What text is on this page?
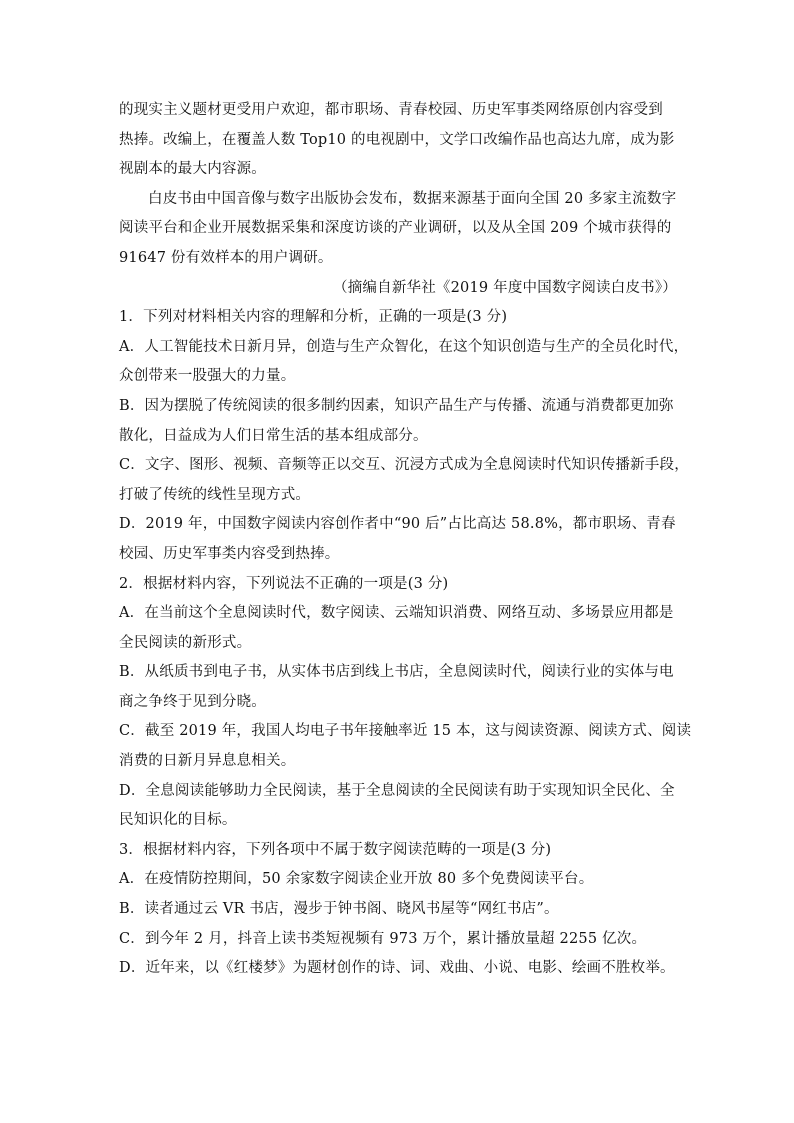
的现实主义题材更受用户欢迎，都市职场、青春校园、历史军事类网络原创内容受到
热捧。改编上，在覆盖人数 Top10 的电视剧中，文学口改编作品也高达九席，成为影
视剧本的最大内容源。
白皮书由中国音像与数字出版协会发布，数据来源基于面向全国 20 多家主流数字
阅读平台和企业开展数据采集和深度访谈的产业调研，以及从全国 209 个城市获得的
91647 份有效样本的用户调研。
（摘编自新华社《2019 年度中国数字阅读白皮书》）
1．下列对材料相关内容的理解和分析，正确的一项是(3 分)
A．人工智能技术日新月异，创造与生产众智化，在这个知识创造与生产的全员化时代，
众创带来一股强大的力量。
B．因为摆脱了传统阅读的很多制约因素，知识产品生产与传播、流通与消费都更加弥
散化，日益成为人们日常生活的基本组成部分。
C．文字、图形、视频、音频等正以交互、沉浸方式成为全息阅读时代知识传播新手段，
打破了传统的线性呈现方式。
D．2019 年，中国数字阅读内容创作者中“90 后”占比高达 58.8%，都市职场、青春
校园、历史军事类内容受到热捧。
2．根据材料内容，下列说法不正确的一项是(3 分)
A．在当前这个全息阅读时代，数字阅读、云端知识消费、网络互动、多场景应用都是
全民阅读的新形式。
B．从纸质书到电子书，从实体书店到线上书店，全息阅读时代，阅读行业的实体与电
商之争终于见到分晓。
C．截至 2019 年，我国人均电子书年接触率近 15 本，这与阅读资源、阅读方式、阅读
消费的日新月异息息相关。
D．全息阅读能够助力全民阅读，基于全息阅读的全民阅读有助于实现知识全民化、全
民知识化的目标。
3．根据材料内容，下列各项中不属于数字阅读范畴的一项是(3 分)
A．在疫情防控期间，50 余家数字阅读企业开放 80 多个免费阅读平台。
B．读者通过云 VR 书店，漫步于钟书阁、晓风书屋等“网红书店”。
C．到今年 2 月，抖音上读书类短视频有 973 万个，累计播放量超 2255 亿次。
D．近年来，以《红楼梦》为题材创作的诗、词、戏曲、小说、电影、绘画不胜枚举。
